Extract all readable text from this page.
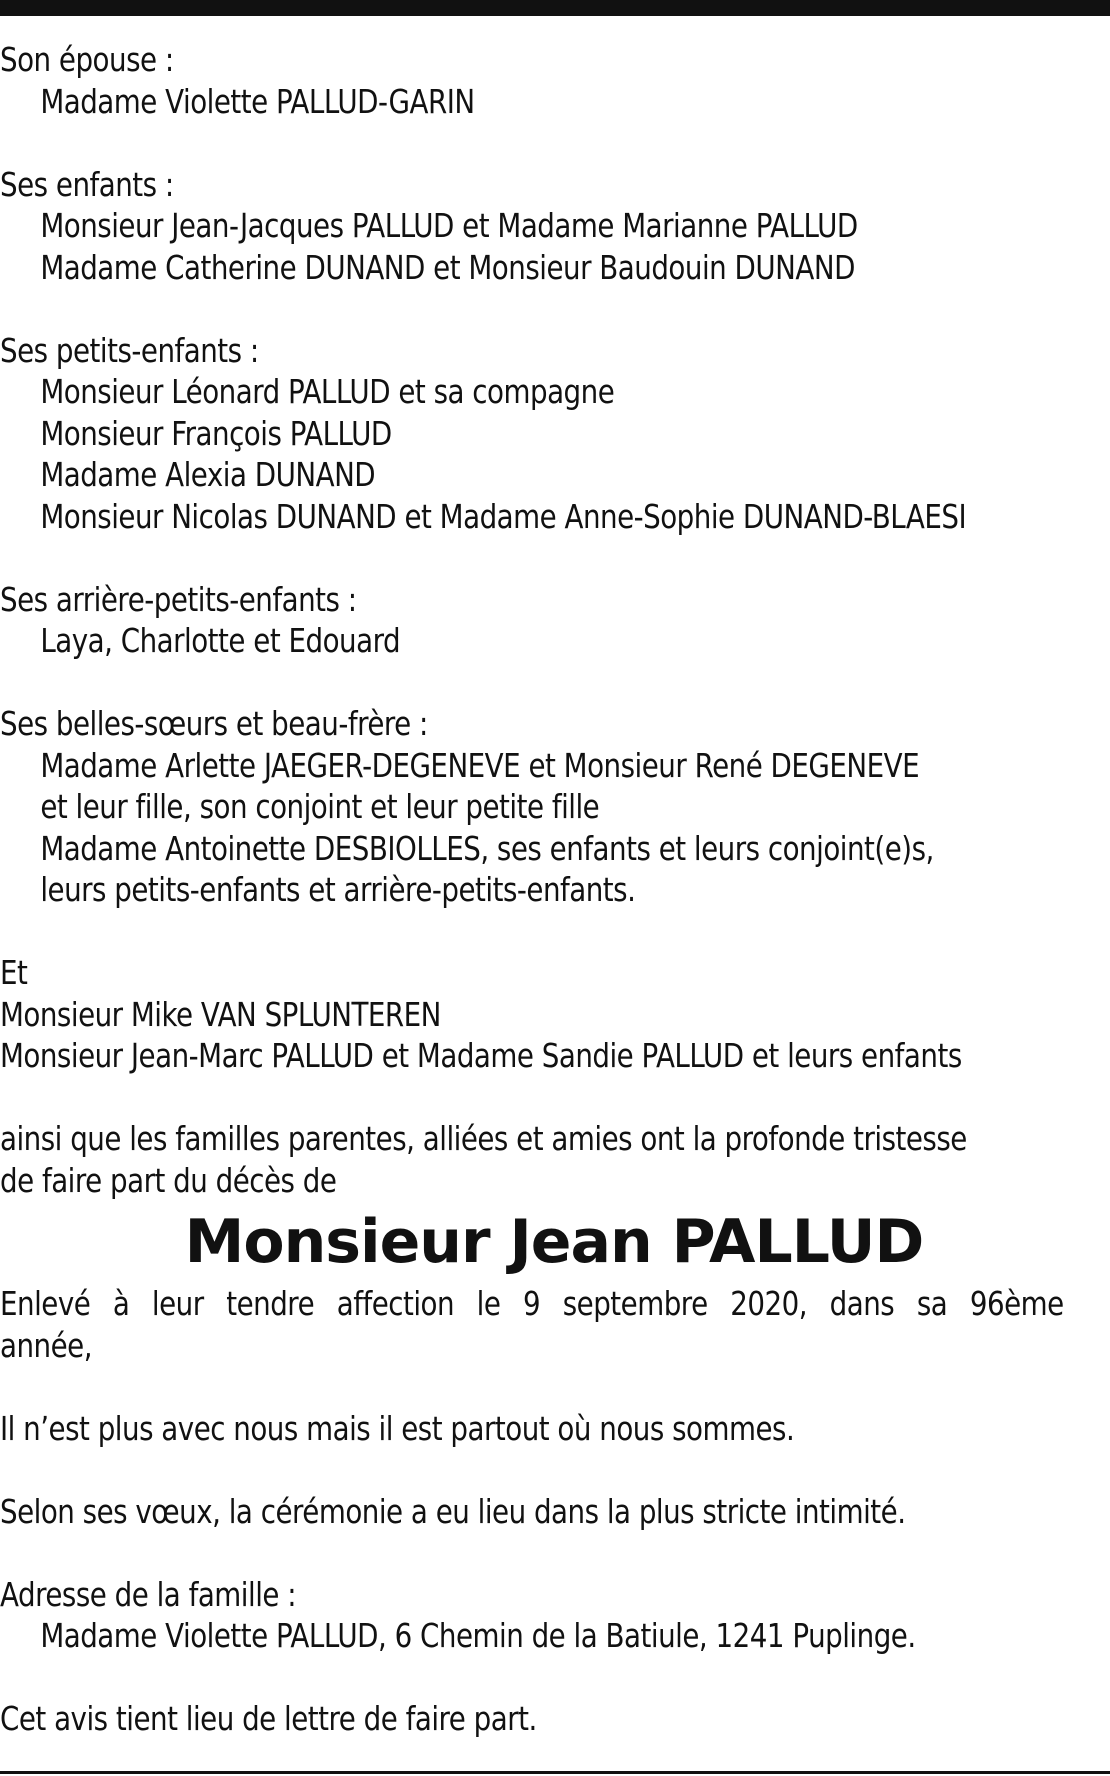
Son épouse :
Madame Violette PALLUD-GARIN
Ses enfants :
Monsieur Jean-Jacques PALLUD et Madame Marianne PALLUD
Madame Catherine DUNAND et Monsieur Baudouin DUNAND
Ses petits-enfants :
Monsieur Léonard PALLUD et sa compagne
Monsieur François PALLUD
Madame Alexia DUNAND
Monsieur Nicolas DUNAND et Madame Anne-Sophie DUNAND-BLAESI
Ses arrière-petits-enfants :
Laya, Charlotte et Edouard
Ses belles-sœurs et beau-frère :
Madame Arlette JAEGER-DEGENEVE et Monsieur René DEGENEVE
et leur fille, son conjoint et leur petite fille
Madame Antoinette DESBIOLLES, ses enfants et leurs conjoint(e)s,
leurs petits-enfants et arrière-petits-enfants.
Et
Monsieur Mike VAN SPLUNTEREN
Monsieur Jean-Marc PALLUD et Madame Sandie PALLUD et leurs enfants
ainsi que les familles parentes, alliées et amies ont la profonde tristesse
de faire part du décès de
Monsieur Jean PALLUD
Enlevé à leur tendre affection le 9 septembre 2020, dans sa 96ème
année,
Il n’est plus avec nous mais il est partout où nous sommes.
Selon ses vœux, la cérémonie a eu lieu dans la plus stricte intimité.
Adresse de la famille :
Madame Violette PALLUD, 6 Chemin de la Batiule, 1241 Puplinge.
Cet avis tient lieu de lettre de faire part.
